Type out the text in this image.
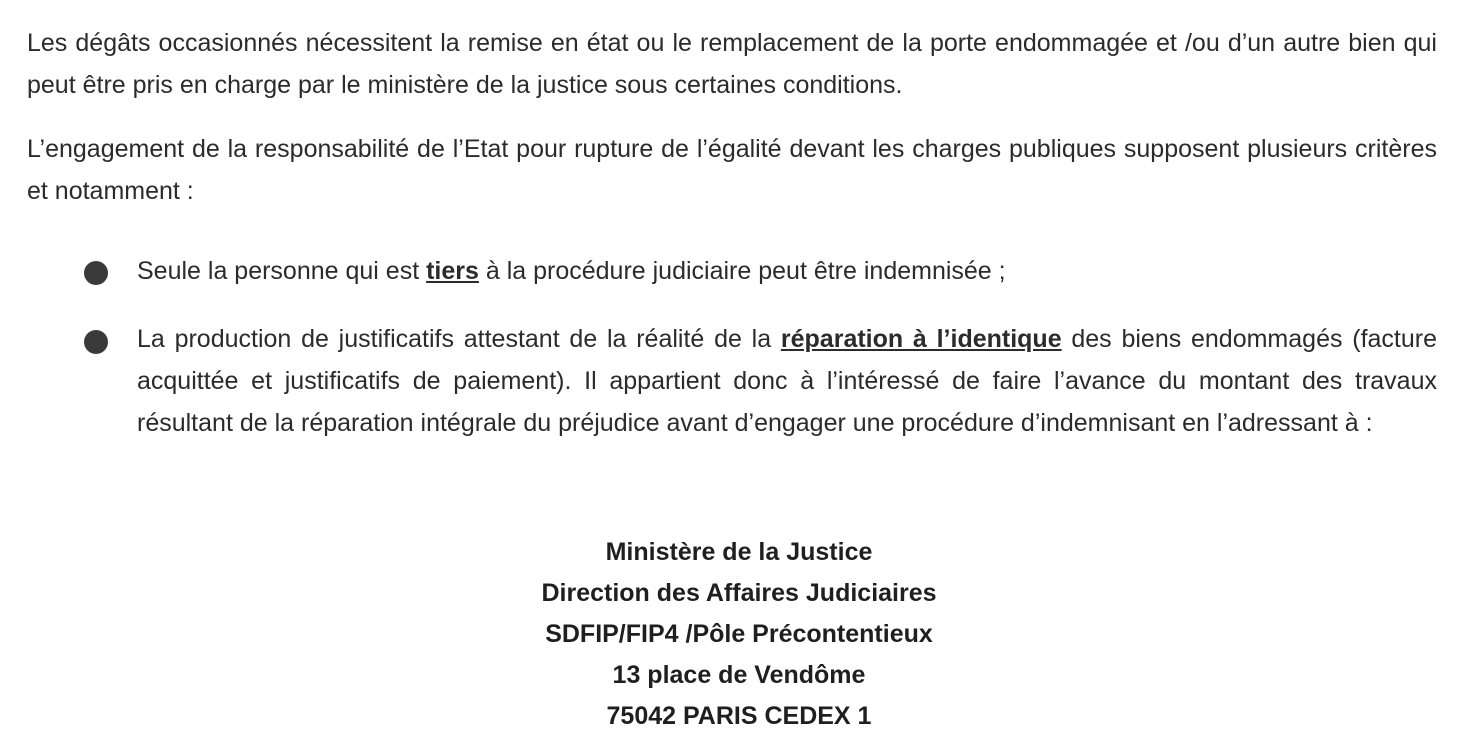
Les dégâts occasionnés nécessitent la remise en état ou le remplacement de la porte endommagée et /ou d’un autre bien qui peut être pris en charge par le ministère de la justice sous certaines conditions.

L’engagement de la responsabilité de l’Etat pour rupture de l’égalité devant les charges publiques supposent plusieurs critères et notamment :

Seule la personne qui est tiers à la procédure judiciaire peut être indemnisée ;

La production de justificatifs attestant de la réalité de la réparation à l’identique des biens endommagés (facture acquittée et justificatifs de paiement). Il appartient donc à l’intéressé de faire l’avance du montant des travaux résultant de la réparation intégrale du préjudice avant d’engager une procédure d’indemnisant en l’adressant à :

Ministère de la Justice
Direction des Affaires Judiciaires
SDFIP/FIP4 /Pôle Précontentieux
13 place de Vendôme
75042 PARIS CEDEX 1
